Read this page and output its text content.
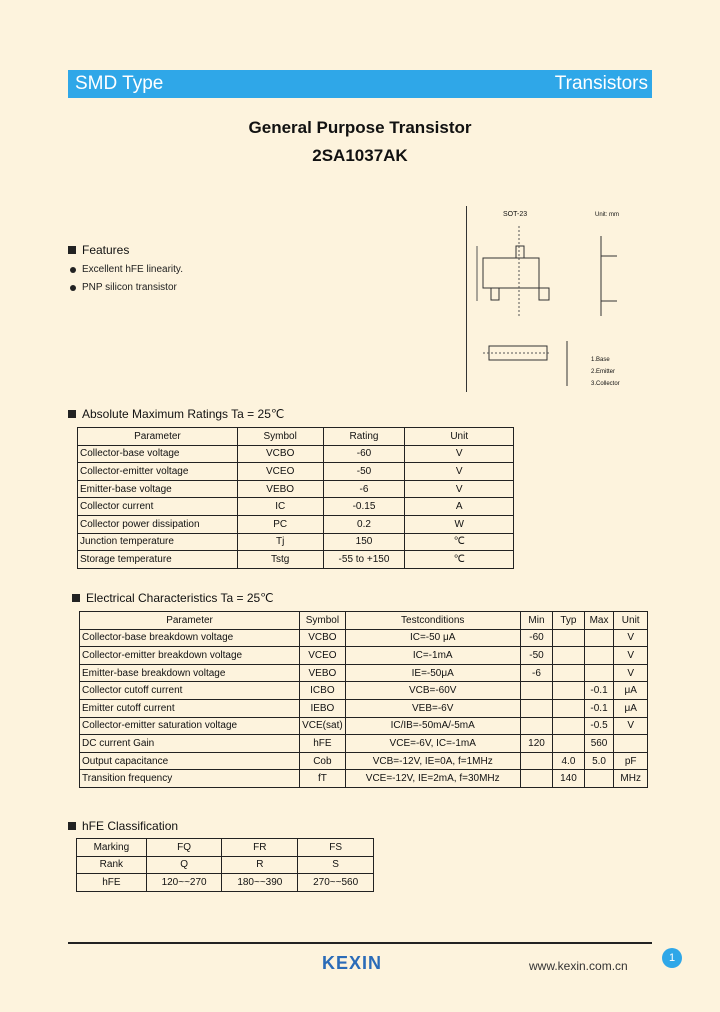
SMD Type	Transistors
General Purpose Transistor
2SA1037AK
Features
Excellent hFE linearity.
PNP silicon transistor
SOT-23	Unit: mm
1.Base
2.Emitter
3.Collector
Absolute Maximum Ratings Ta = 25℃
Parameter	Symbol	Rating	Unit
Collector-base voltage	VCBO	-60	V
Collector-emitter voltage	VCEO	-50	V
Emitter-base voltage	VEBO	-6	V
Collector current	IC	-0.15	A
Collector power dissipation	PC	0.2	W
Junction temperature	Tj	150	℃
Storage temperature	Tstg	-55 to +150	℃
Electrical Characteristics Ta = 25℃
Parameter	Symbol	Testconditions	Min	Typ	Max	Unit
Collector-base breakdown voltage	VCBO	IC=-50 μA	-60			V
Collector-emitter breakdown voltage	VCEO	IC=-1mA	-50			V
Emitter-base breakdown voltage	VEBO	IE=-50μA	-6			V
Collector cutoff current	ICBO	VCB=-60V			-0.1	μA
Emitter cutoff current	IEBO	VEB=-6V			-0.1	μA
Collector-emitter saturation voltage	VCE(sat)	IC/IB=-50mA/-5mA			-0.5	V
DC current Gain	hFE	VCE=-6V, IC=-1mA	120		560	
Output capacitance	Cob	VCB=-12V, IE=0A, f=1MHz		4.0	5.0	pF
Transition frequency	fT	VCE=-12V, IE=2mA, f=30MHz		140		MHz
hFE Classification
Marking	FQ	FR	FS
Rank	Q	R	S
hFE	120~~270	180~~390	270~~560
KEXIN	www.kexin.com.cn
1
